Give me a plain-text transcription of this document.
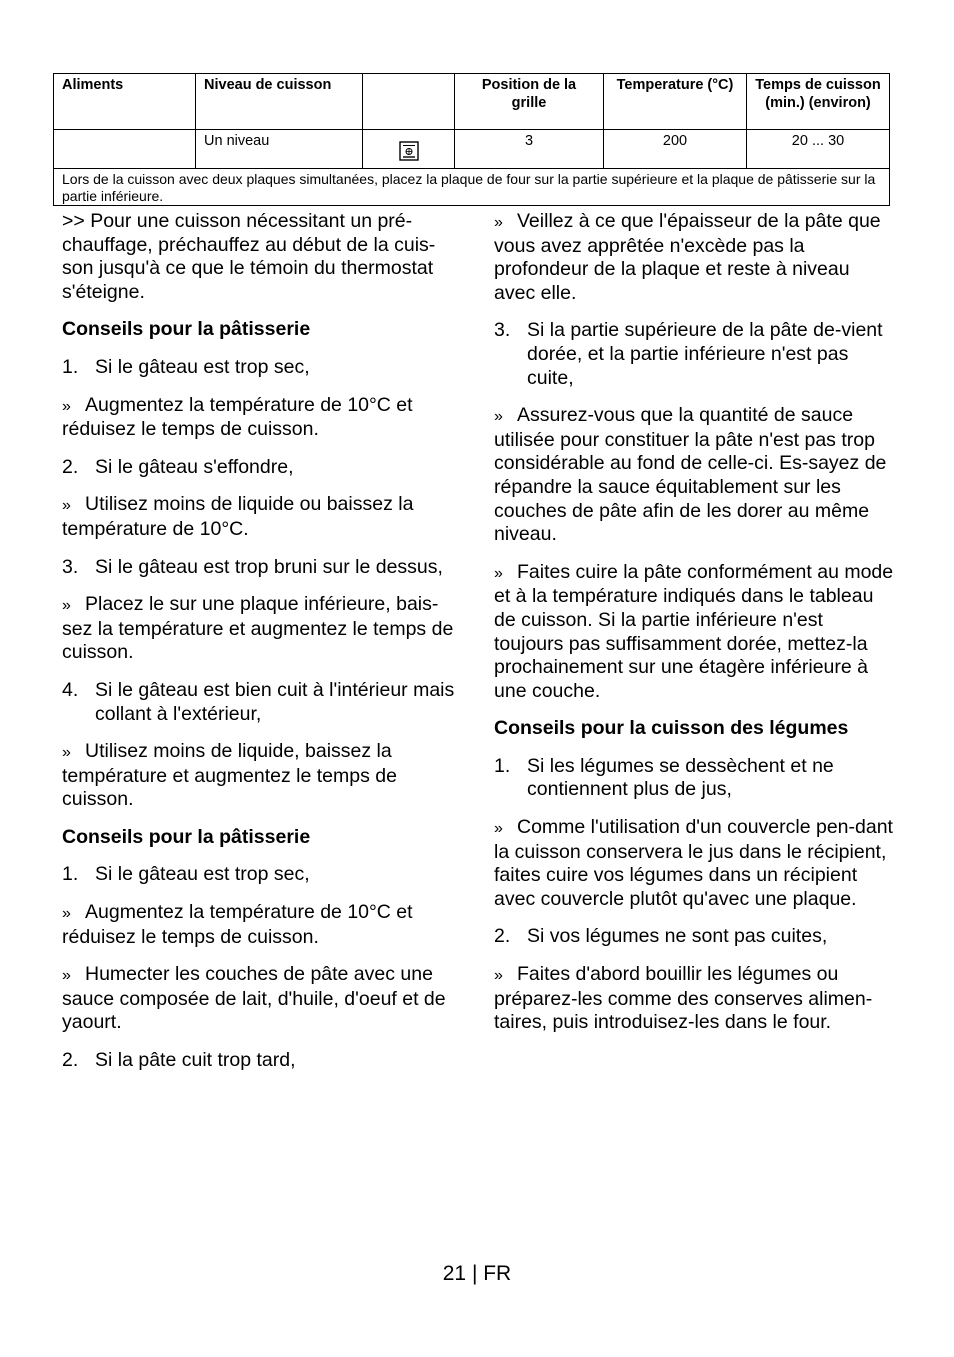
Aliments	Niveau de cuisson		Position de la grille	Temperature (°C)	Temps de cuisson (min.) (environ)
	Un niveau		3	200	20 ... 30
Lors de la cuisson avec deux plaques simultanées, placez la plaque de four sur la partie supérieure et la plaque de pâtisserie sur la partie inférieure.					

>> Pour une cuisson nécessitant un pré-chauffage, préchauffez au début de la cuis-son jusqu'à ce que le témoin du thermostat s'éteigne.

Conseils pour la pâtisserie

1. Si le gâteau est trop sec,

» Augmentez la température de 10°C et réduisez le temps de cuisson.

2. Si le gâteau s'effondre,

» Utilisez moins de liquide ou baissez la température de 10°C.

3. Si le gâteau est trop bruni sur le dessus,

» Placez le sur une plaque inférieure, bais-sez la température et augmentez le temps de cuisson.

4. Si le gâteau est bien cuit à l'intérieur mais collant à l'extérieur,

» Utilisez moins de liquide, baissez la température et augmentez le temps de cuisson.

Conseils pour la pâtisserie

1. Si le gâteau est trop sec,

» Augmentez la température de 10°C et réduisez le temps de cuisson.

» Humecter les couches de pâte avec une sauce composée de lait, d'huile, d'oeuf et de yaourt.

2. Si la pâte cuit trop tard,

» Veillez à ce que l'épaisseur de la pâte que vous avez apprêtée n'excède pas la profondeur de la plaque et reste à niveau avec elle.

3. Si la partie supérieure de la pâte de-vient dorée, et la partie inférieure n'est pas cuite,

» Assurez-vous que la quantité de sauce utilisée pour constituer la pâte n'est pas trop considérable au fond de celle-ci. Es-sayez de répandre la sauce équitablement sur les couches de pâte afin de les dorer au même niveau.

» Faites cuire la pâte conformément au mode et à la température indiqués dans le tableau de cuisson. Si la partie inférieure n'est toujours pas suffisamment dorée, mettez-la prochainement sur une étagère inférieure à une couche.

Conseils pour la cuisson des légumes

1. Si les légumes se dessèchent et ne contiennent plus de jus,

» Comme l'utilisation d'un couvercle pen-dant la cuisson conservera le jus dans le récipient, faites cuire vos légumes dans un récipient avec couvercle plutôt qu'avec une plaque.

2. Si vos légumes ne sont pas cuites,

» Faites d'abord bouillir les légumes ou préparez-les comme des conserves alimen-taires, puis introduisez-les dans le four.

21 | FR
